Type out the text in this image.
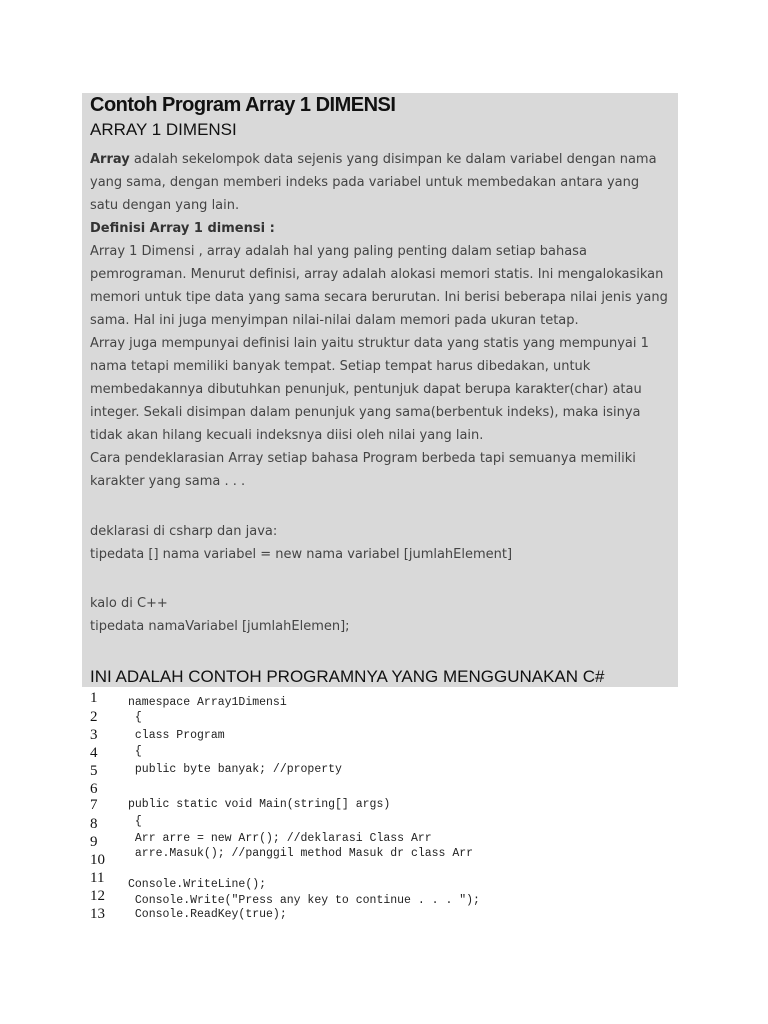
Contoh Program Array 1 DIMENSI
ARRAY 1 DIMENSI
Array adalah sekelompok data sejenis yang disimpan ke dalam variabel dengan nama
yang sama, dengan memberi indeks pada variabel untuk membedakan antara yang
satu dengan yang lain.
Definisi Array 1 dimensi :
Array 1 Dimensi , array adalah hal yang paling penting dalam setiap bahasa
pemrograman. Menurut definisi, array adalah alokasi memori statis. Ini mengalokasikan
memori untuk tipe data yang sama secara berurutan. Ini berisi beberapa nilai jenis yang
sama. Hal ini juga menyimpan nilai-nilai dalam memori pada ukuran tetap.
Array juga mempunyai definisi lain yaitu struktur data yang statis yang mempunyai 1
nama tetapi memiliki banyak tempat. Setiap tempat harus dibedakan, untuk
membedakannya dibutuhkan penunjuk, pentunjuk dapat berupa karakter(char) atau
integer. Sekali disimpan dalam penunjuk yang sama(berbentuk indeks), maka isinya
tidak akan hilang kecuali indeksnya diisi oleh nilai yang lain.
Cara pendeklarasian Array setiap bahasa Program berbeda tapi semuanya memiliki
karakter yang sama . . .
deklarasi di csharp dan java:
tipedata [] nama variabel = new nama variabel [jumlahElement]
kalo di C++
tipedata namaVariabel [jumlahElemen];
INI ADALAH CONTOH PROGRAMNYA YANG MENGGUNAKAN C#
1
2
3
4
5
6
7
8
9
10
11
12
13
namespace Array1Dimensi
{
class Program
{
public byte banyak; //property
public static void Main(string[] args)
{
Arr arre = new Arr(); //deklarasi Class Arr
arre.Masuk(); //panggil method Masuk dr class Arr
Console.WriteLine();
Console.Write("Press any key to continue . . . ");
Console.ReadKey(true);
